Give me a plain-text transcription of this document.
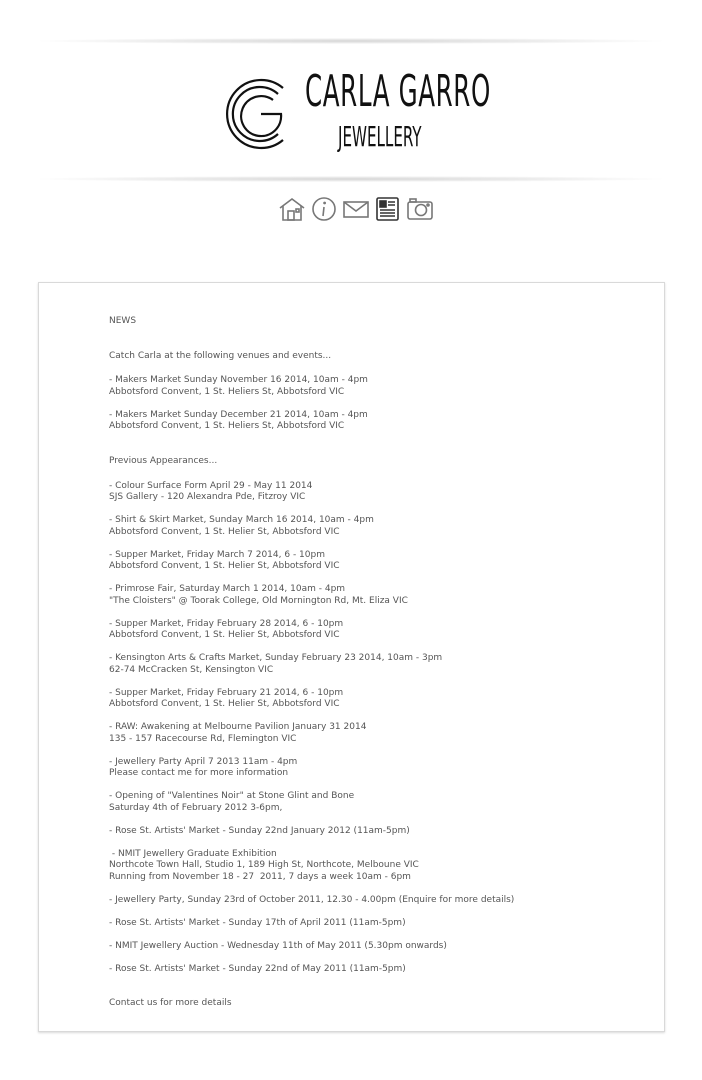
CARLA GARRO
JEWELLERY
NEWS
Catch Carla at the following venues and events...
- Makers Market Sunday November 16 2014, 10am - 4pm
Abbotsford Convent, 1 St. Heliers St, Abbotsford VIC
- Makers Market Sunday December 21 2014, 10am - 4pm
Abbotsford Convent, 1 St. Heliers St, Abbotsford VIC
Previous Appearances...
- Colour Surface Form April 29 - May 11 2014
SJS Gallery - 120 Alexandra Pde, Fitzroy VIC
- Shirt & Skirt Market, Sunday March 16 2014, 10am - 4pm
Abbotsford Convent, 1 St. Helier St, Abbotsford VIC
- Supper Market, Friday March 7 2014, 6 - 10pm
Abbotsford Convent, 1 St. Helier St, Abbotsford VIC
- Primrose Fair, Saturday March 1 2014, 10am - 4pm
"The Cloisters" @ Toorak College, Old Mornington Rd, Mt. Eliza VIC
- Supper Market, Friday February 28 2014, 6 - 10pm
Abbotsford Convent, 1 St. Helier St, Abbotsford VIC
- Kensington Arts & Crafts Market, Sunday February 23 2014, 10am - 3pm
62-74 McCracken St, Kensington VIC
- Supper Market, Friday February 21 2014, 6 - 10pm
Abbotsford Convent, 1 St. Helier St, Abbotsford VIC
- RAW: Awakening at Melbourne Pavilion January 31 2014
135 - 157 Racecourse Rd, Flemington VIC
- Jewellery Party April 7 2013 11am - 4pm
Please contact me for more information
- Opening of "Valentines Noir" at Stone Glint and Bone
Saturday 4th of February 2012 3-6pm,
- Rose St. Artists' Market - Sunday 22nd January 2012 (11am-5pm)
- NMIT Jewellery Graduate Exhibition
Northcote Town Hall, Studio 1, 189 High St, Northcote, Melboune VIC
Running from November 18 - 27  2011, 7 days a week 10am - 6pm
- Jewellery Party, Sunday 23rd of October 2011, 12.30 - 4.00pm (Enquire for more details)
- Rose St. Artists' Market - Sunday 17th of April 2011 (11am-5pm)
- NMIT Jewellery Auction - Wednesday 11th of May 2011 (5.30pm onwards)
- Rose St. Artists' Market - Sunday 22nd of May 2011 (11am-5pm)
Contact us for more details
